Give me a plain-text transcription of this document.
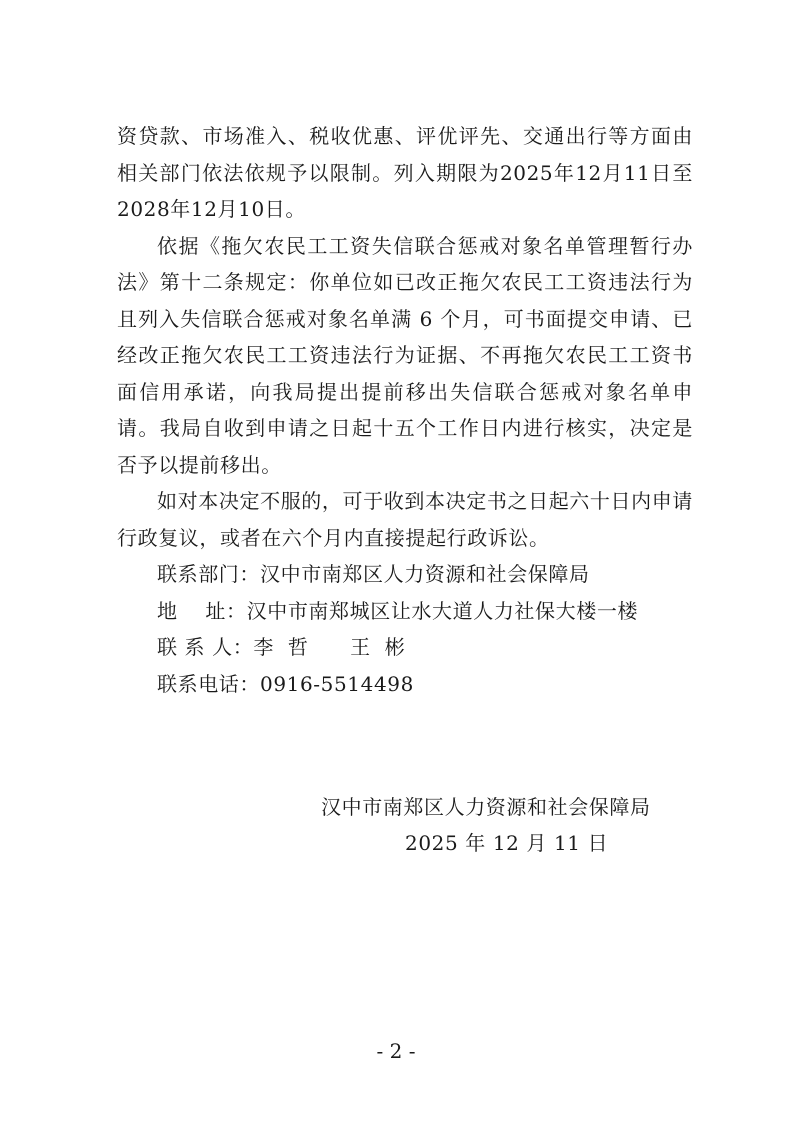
资贷款、市场准入、税收优惠、评优评先、交通出行等方面由相关部门依法依规予以限制。列入期限为2025年12月11日至2028年12月10日。

依据《拖欠农民工工资失信联合惩戒对象名单管理暂行办法》第十二条规定：你单位如已改正拖欠农民工工资违法行为且列入失信联合惩戒对象名单满 6 个月，可书面提交申请、已经改正拖欠农民工工资违法行为证据、不再拖欠农民工工资书面信用承诺，向我局提出提前移出失信联合惩戒对象名单申请。我局自收到申请之日起十五个工作日内进行核实，决定是否予以提前移出。

如对本决定不服的，可于收到本决定书之日起六十日内申请行政复议，或者在六个月内直接提起行政诉讼。

联系部门：汉中市南郑区人力资源和社会保障局

地    址：汉中市南郑城区让水大道人力社保大楼一楼

联 系 人：李  哲      王  彬

联系电话：0916-5514498

汉中市南郑区人力资源和社会保障局
2025 年 12 月 11 日
- 2 -
